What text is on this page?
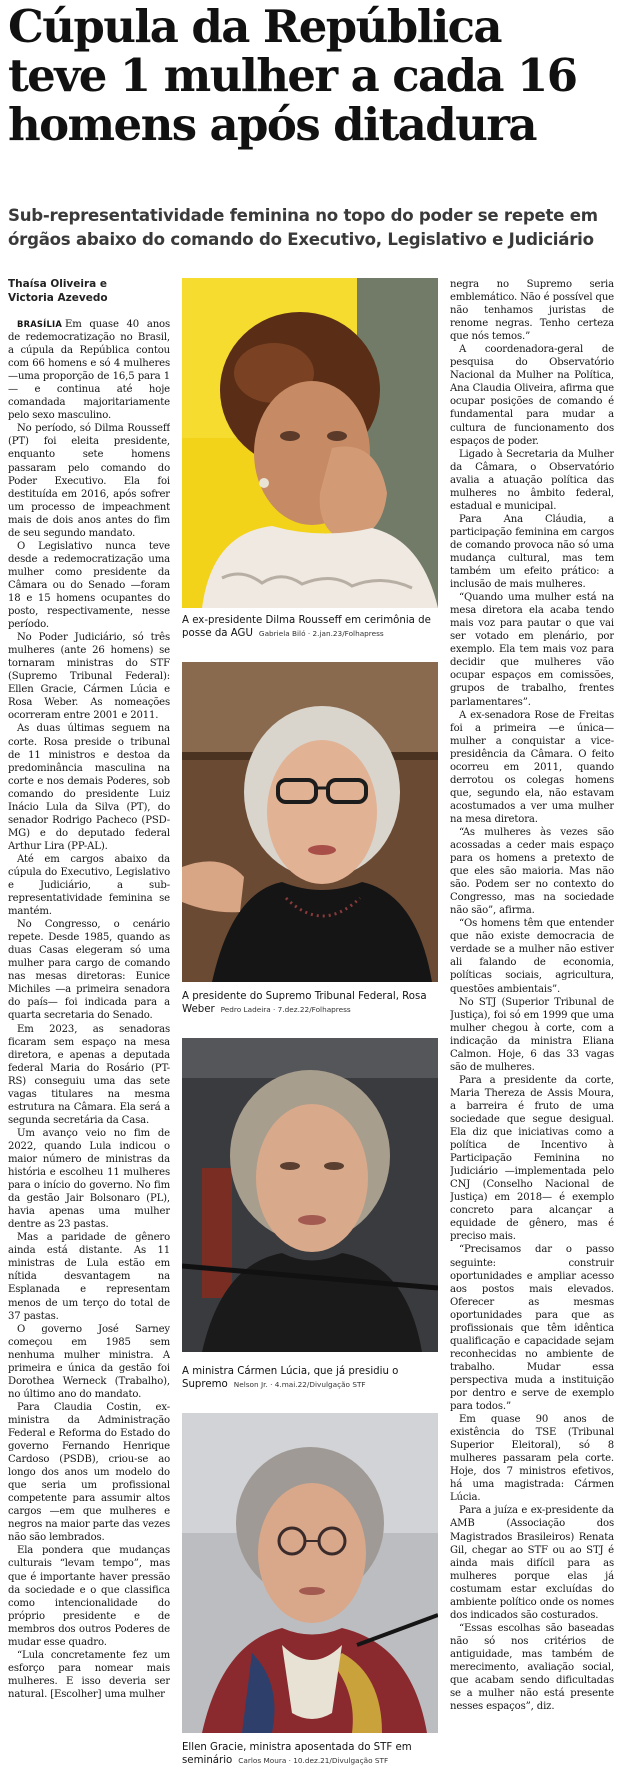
Cúpula da República
teve 1 mulher a cada 16
homens após ditadura
Sub-representatividade feminina no topo do poder se repete em
órgãos abaixo do comando do Executivo, Legislativo e Judiciário
Thaísa Oliveira e
Victoria Azevedo

BRASÍLIA Em quase 40 anos de redemocratização no Brasil, a cúpula da República contou com 66 homens e só 4 mulheres —uma proporção de 16,5 para 1— e continua até hoje comandada majoritariamente pelo sexo masculino.

No período, só Dilma Rousseff (PT) foi eleita presidente, enquanto sete homens passaram pelo comando do Poder Executivo. Ela foi destituída em 2016, após sofrer um processo de impeachment mais de dois anos antes do fim de seu segundo mandato.

O Legislativo nunca teve desde a redemocratização uma mulher como presidente da Câmara ou do Senado —foram 18 e 15 homens ocupantes do posto, respectivamente, nesse período.

No Poder Judiciário, só três mulheres (ante 26 homens) se tornaram ministras do STF (Supremo Tribunal Federal): Ellen Gracie, Cármen Lúcia e Rosa Weber. As nomeações ocorreram entre 2001 e 2011.

As duas últimas seguem na corte. Rosa preside o tribunal de 11 ministros e destoa da predominância masculina na corte e nos demais Poderes, sob comando do presidente Luiz Inácio Lula da Silva (PT), do senador Rodrigo Pacheco (PSD-MG) e do deputado federal Arthur Lira (PP-AL).

Até em cargos abaixo da cúpula do Executivo, Legislativo e Judiciário, a sub-representatividade feminina se mantém.

No Congresso, o cenário repete. Desde 1985, quando as duas Casas elegeram só uma mulher para cargo de comando nas mesas diretoras: Eunice Michiles —a primeira senadora do país— foi indicada para a quarta secretaria do Senado.

Em 2023, as senadoras ficaram sem espaço na mesa diretora, e apenas a deputada federal Maria do Rosário (PT-RS) conseguiu uma das sete vagas titulares na mesma estrutura na Câmara. Ela será a segunda secretária da Casa.

Um avanço veio no fim de 2022, quando Lula indicou o maior número de ministras da história e escolheu 11 mulheres para o início do governo. No fim da gestão Jair Bolsonaro (PL), havia apenas uma mulher dentre as 23 pastas.

Mas a paridade de gênero ainda está distante. As 11 ministras de Lula estão em nítida desvantagem na Esplanada e representam menos de um terço do total de 37 pastas.

O governo José Sarney começou em 1985 sem nenhuma mulher ministra. A primeira e única da gestão foi Dorothea Werneck (Trabalho), no último ano do mandato.

Para Claudia Costin, ex-ministra da Administração Federal e Reforma do Estado do governo Fernando Henrique Cardoso (PSDB), criou-se ao longo dos anos um modelo do que seria um profissional competente para assumir altos cargos —em que mulheres e negros na maior parte das vezes não são lembrados.

Ela pondera que mudanças culturais “levam tempo”, mas que é importante haver pressão da sociedade e o que classifica como intencionalidade do próprio presidente e de membros dos outros Poderes de mudar esse quadro.

“Lula concretamente fez um esforço para nomear mais mulheres. E isso deveria ser natural. [Escolher] uma mulher

A ex-presidente Dilma Rousseff em cerimônia de posse da AGU Gabriela Biló · 2.jan.23/Folhapress
A presidente do Supremo Tribunal Federal, Rosa Weber Pedro Ladeira · 7.dez.22/Folhapress
A ministra Cármen Lúcia, que já presidiu o Supremo Nelson Jr. · 4.mai.22/Divulgação STF
Ellen Gracie, ministra aposentada do STF em seminário Carlos Moura · 10.dez.21/Divulgação STF

negra no Supremo seria emblemático. Não é possível que não tenhamos juristas de renome negras. Tenho certeza que nós temos.”

A coordenadora-geral de pesquisa do Observatório Nacional da Mulher na Política, Ana Claudia Oliveira, afirma que ocupar posições de comando é fundamental para mudar a cultura de funcionamento dos espaços de poder.

Ligado à Secretaria da Mulher da Câmara, o Observatório avalia a atuação política das mulheres no âmbito federal, estadual e municipal.

Para Ana Cláudia, a participação feminina em cargos de comando provoca não só uma mudança cultural, mas tem também um efeito prático: a inclusão de mais mulheres.

“Quando uma mulher está na mesa diretora ela acaba tendo mais voz para pautar o que vai ser votado em plenário, por exemplo. Ela tem mais voz para decidir que mulheres vão ocupar espaços em comissões, grupos de trabalho, frentes parlamentares”.

A ex-senadora Rose de Freitas foi a primeira —e única— mulher a conquistar a vice-presidência da Câmara. O feito ocorreu em 2011, quando derrotou os colegas homens que, segundo ela, não estavam acostumados a ver uma mulher na mesa diretora.

“As mulheres às vezes são acossadas a ceder mais espaço para os homens a pretexto de que eles são maioria. Mas não são. Podem ser no contexto do Congresso, mas na sociedade não são”, afirma.

“Os homens têm que entender que não existe democracia de verdade se a mulher não estiver ali falando de economia, políticas sociais, agricultura, questões ambientais”.

No STJ (Superior Tribunal de Justiça), foi só em 1999 que uma mulher chegou à corte, com a indicação da ministra Eliana Calmon. Hoje, 6 das 33 vagas são de mulheres.

Para a presidente da corte, Maria Thereza de Assis Moura, a barreira é fruto de uma sociedade que segue desigual. Ela diz que iniciativas como a política de Incentivo à Participação Feminina no Judiciário —implementada pelo CNJ (Conselho Nacional de Justiça) em 2018— é exemplo concreto para alcançar a equidade de gênero, mas é preciso mais.

“Precisamos dar o passo seguinte: construir oportunidades e ampliar acesso aos postos mais elevados. Oferecer as mesmas oportunidades para que as profissionais que têm idêntica qualificação e capacidade sejam reconhecidas no ambiente de trabalho. Mudar essa perspectiva muda a instituição por dentro e serve de exemplo para todos.”

Em quase 90 anos de existência do TSE (Tribunal Superior Eleitoral), só 8 mulheres passaram pela corte. Hoje, dos 7 ministros efetivos, há uma magistrada: Cármen Lúcia.

Para a juíza e ex-presidente da AMB (Associação dos Magistrados Brasileiros) Renata Gil, chegar ao STF ou ao STJ é ainda mais difícil para as mulheres porque elas já costumam estar excluídas do ambiente político onde os nomes dos indicados são costurados.

“Essas escolhas são baseadas não só nos critérios de antiguidade, mas também de merecimento, avaliação social, que acabam sendo dificultadas se a mulher não está presente nesses espaços”, diz.
